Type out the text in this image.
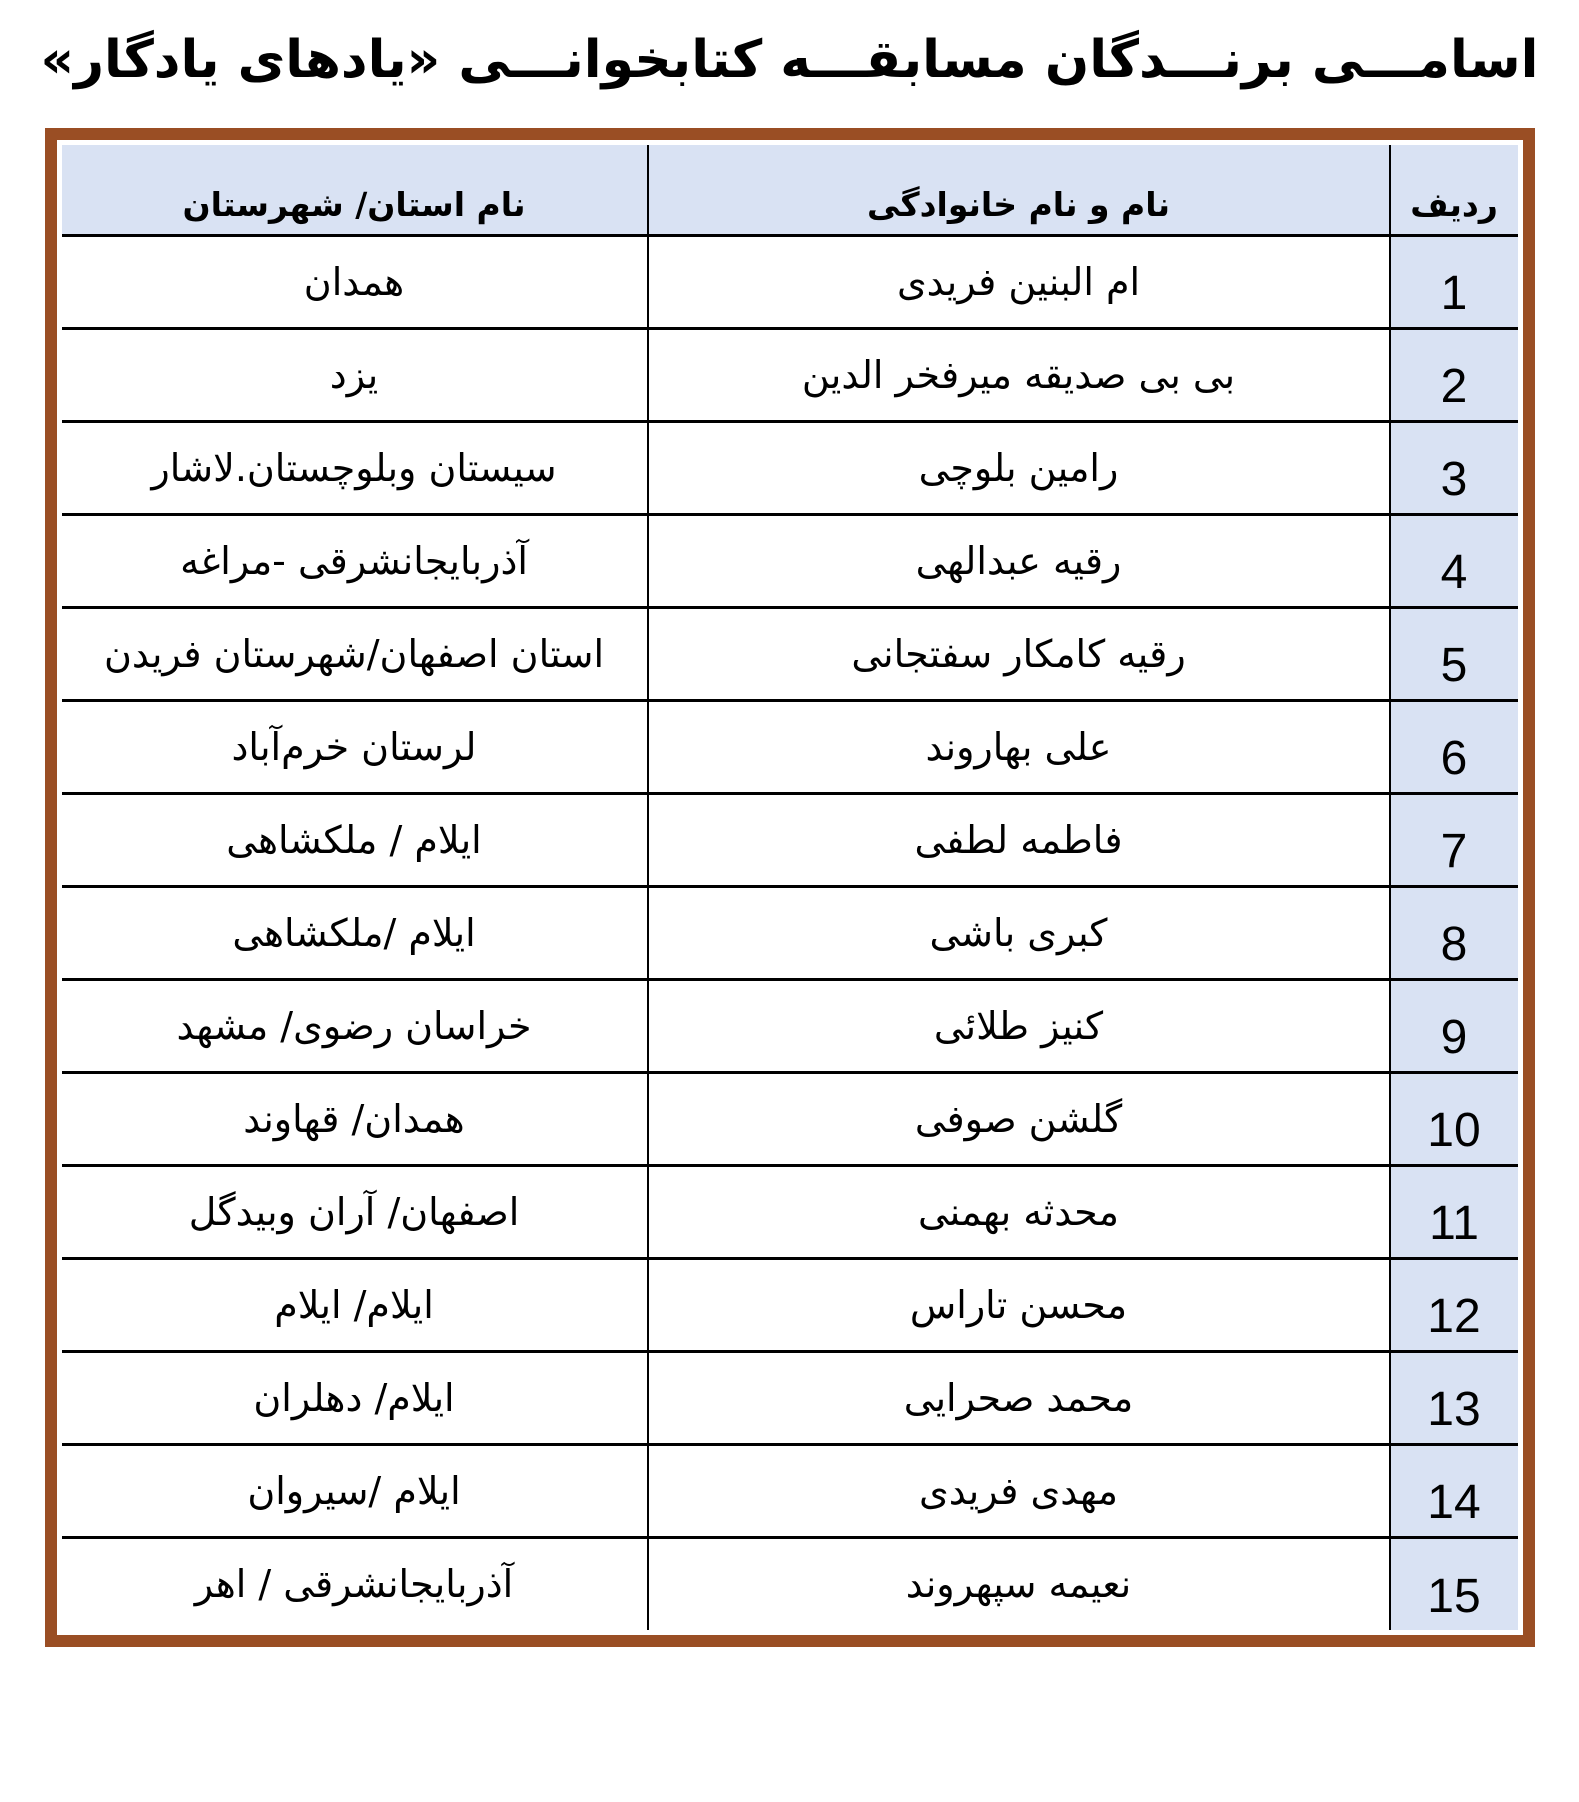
اسامـــی برنـــدگان مسابقـــه کتابخوانـــی «یادهای یادگار»
ردیف	نام و نام خانوادگی	نام استان/ شهرستان
1	ام البنین فریدی	همدان
2	بی بی صدیقه میرفخر الدین	یزد
3	رامین بلوچی	سیستان وبلوچستان.لاشار
4	رقیه عبدالهی	آذربایجانشرقی -مراغه
5	رقیه کامکار سفتجانی	استان اصفهان/شهرستان فریدن
6	علی بهاروند	لرستان خرم‌آباد
7	فاطمه لطفی	ایلام / ملکشاهی
8	کبری باشی	ایلام /ملکشاهی
9	کنیز طلائی	خراسان رضوی/ مشهد
10	گلشن صوفی	همدان/ قهاوند
11	محدثه بهمنی	اصفهان/ آران وبیدگل
12	محسن تاراس	ایلام/ ایلام
13	محمد صحرایی	ایلام/ دهلران
14	مهدی فریدی	ایلام /سیروان
15	نعیمه سپهروند	آذربایجانشرقی / اهر
